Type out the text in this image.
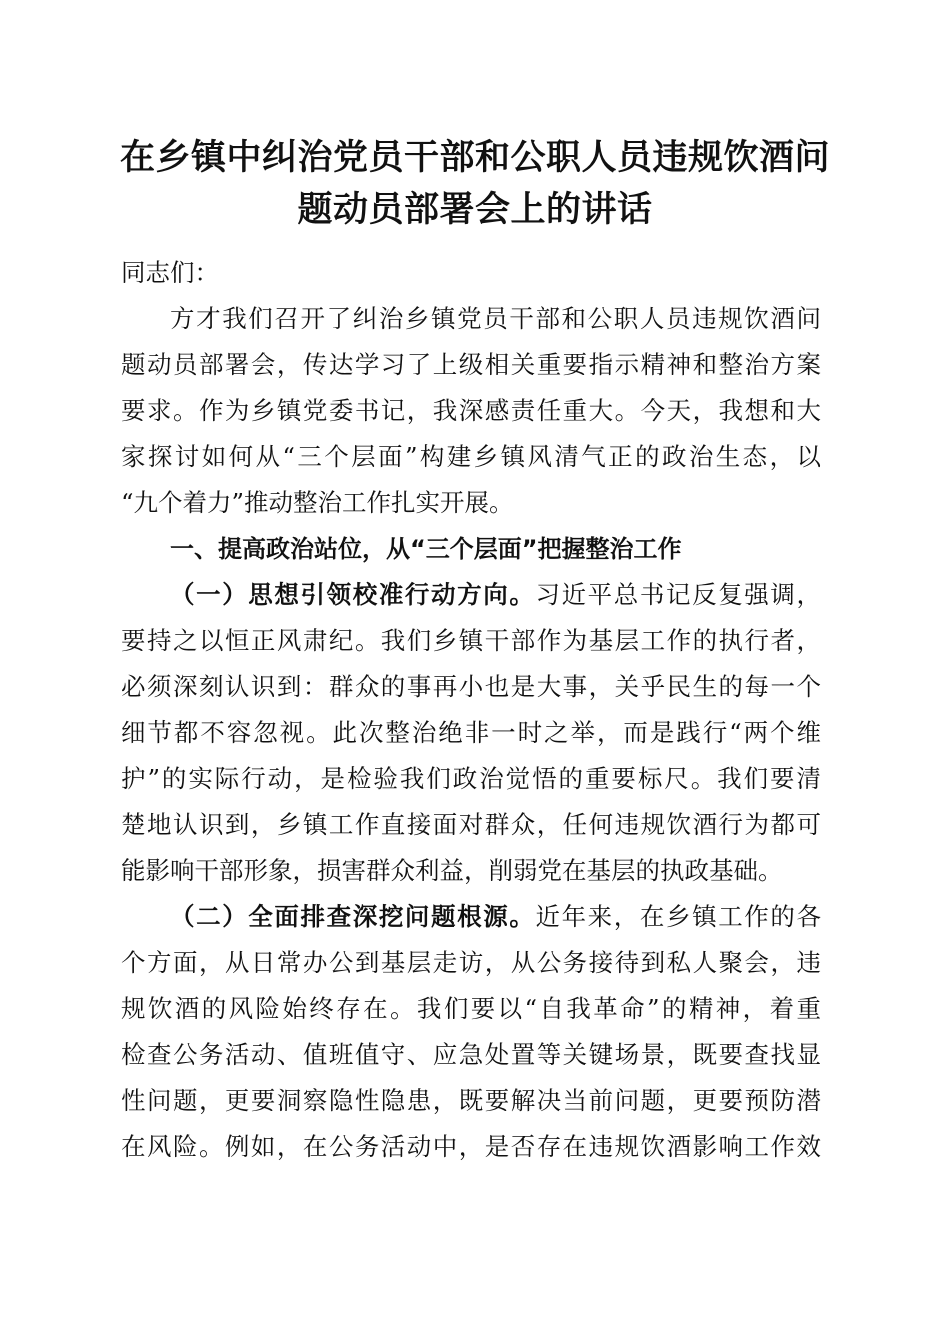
在乡镇中纠治党员干部和公职人员违规饮酒问
题动员部署会上的讲话

同志们：

方才我们召开了纠治乡镇党员干部和公职人员违规饮酒问
题动员部署会，传达学习了上级相关重要指示精神和整治方案
要求。作为乡镇党委书记，我深感责任重大。今天，我想和大
家探讨如何从“三个层面”构建乡镇风清气正的政治生态，以
“九个着力”推动整治工作扎实开展。

一、提高政治站位，从“三个层面”把握整治工作

（一）思想引领校准行动方向。习近平总书记反复强调，
要持之以恒正风肃纪。我们乡镇干部作为基层工作的执行者，
必须深刻认识到：群众的事再小也是大事，关乎民生的每一个
细节都不容忽视。此次整治绝非一时之举，而是践行“两个维
护”的实际行动，是检验我们政治觉悟的重要标尺。我们要清
楚地认识到，乡镇工作直接面对群众，任何违规饮酒行为都可
能影响干部形象，损害群众利益，削弱党在基层的执政基础。

（二）全面排查深挖问题根源。近年来，在乡镇工作的各
个方面，从日常办公到基层走访，从公务接待到私人聚会，违
规饮酒的风险始终存在。我们要以“自我革命”的精神，着重
检查公务活动、值班值守、应急处置等关键场景，既要查找显
性问题，更要洞察隐性隐患，既要解决当前问题，更要预防潜
在风险。例如，在公务活动中，是否存在违规饮酒影响工作效
